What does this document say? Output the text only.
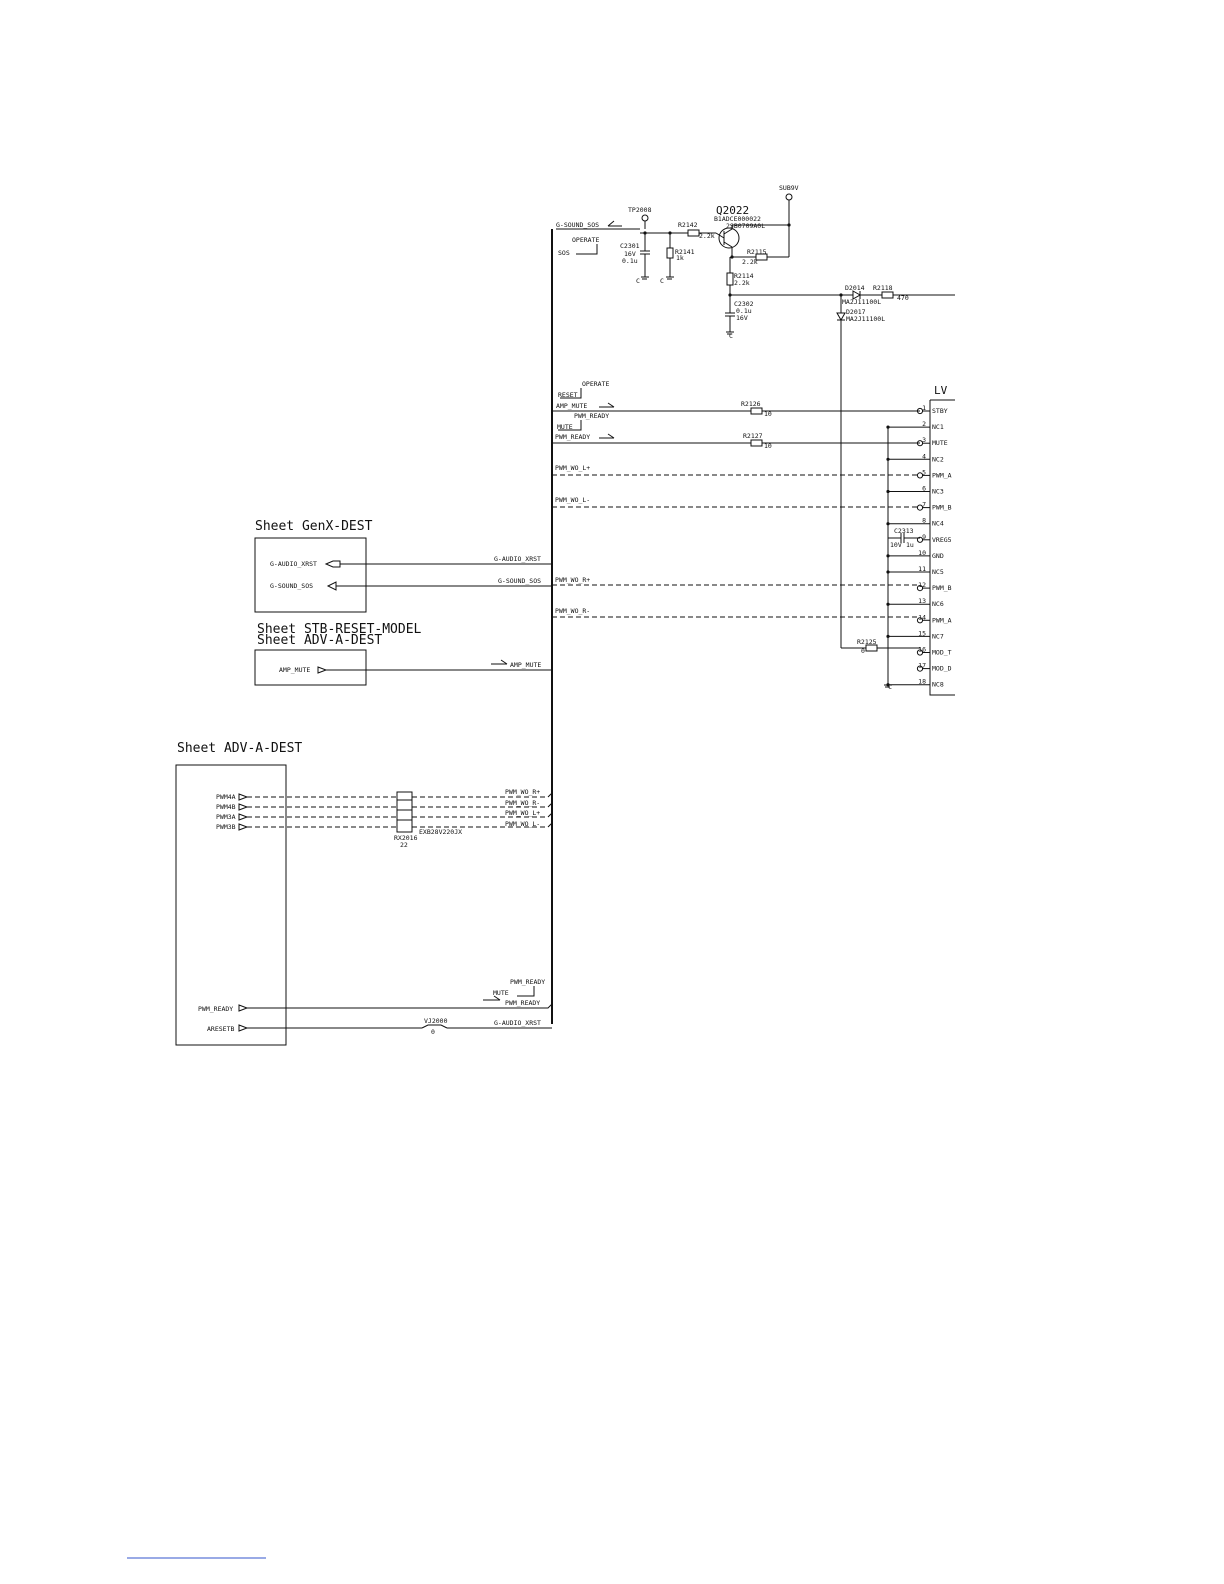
G-SOUND_SOS
SOS
OPERATE
TP2008
C2301
16V
0.1u
C
R2141
1k
C
R2142
2.2k
Q2022
B1ADCE000022
2SB0709A0L
SUB9V
R2115
2.2k
R2114
2.2k
C2302
0.1u
16V
C
D2014
MA2J11100L
R2118
470
D2017
MA2J11100L
OPERATE
RESET
AMP_MUTE	R2126
10
PWM_READY
MUTE
PWM_READY	R2127
10
PWM_WO_L+
PWM_WO_L-
PWM_WO_R+
PWM_WO_R-
LV
1 STBY
2 NC1
3 MUTE
4 NC2
5 PWM_A
6 NC3
7 PWM_B
8 NC4
9 VREG5
10 GND
11 NC5
12 PWM_B
13 NC6
14 PWM_A
15 NC7
16 MOD_T
17 MOD_D
18 NC8
C
C2313
10V 1u
R2125
0
Sheet GenX-DEST
G-AUDIO_XRST
G-SOUND_SOS
G-AUDIO_XRST
G-SOUND_SOS
Sheet STB-RESET-MODEL
Sheet ADV-A-DEST
AMP_MUTE
AMP_MUTE
Sheet ADV-A-DEST
PWM4A
PWM4B
PWM3A
PWM3B
RX2016
22
EXB28V220JX
PWM_WO_R+
PWM_WO_R-
PWM_WO_L+
PWM_WO_L-
PWM_READY
MUTE
PWM_READY
PWM_READY
ARESETB
VJ2000
0
G-AUDIO_XRST
